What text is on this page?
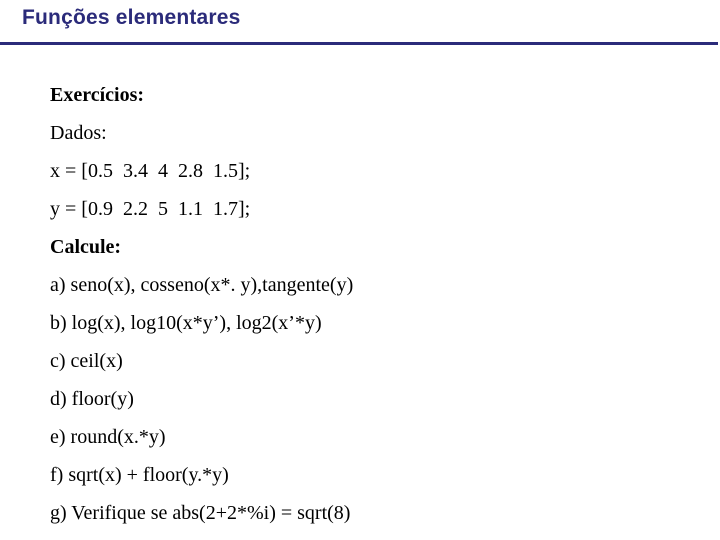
Funções elementares
Exercícios:
Dados:
x = [0.5  3.4  4  2.8  1.5];
y = [0.9  2.2  5  1.1  1.7];
Calcule:
a) seno(x), cosseno(x*. y),tangente(y)
b) log(x), log10(x*y’), log2(x’*y)
c) ceil(x)
d) floor(y)
e) round(x.*y)
f) sqrt(x) + floor(y.*y)
g) Verifique se abs(2+2*%i) = sqrt(8)
